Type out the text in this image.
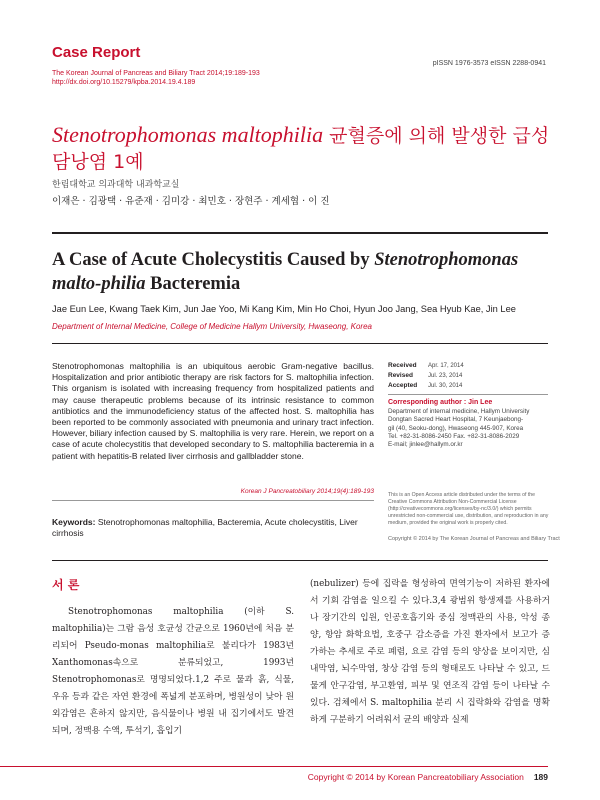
Case Report
The Korean Journal of Pancreas and Biliary Tract 2014;19:189-193
http://dx.doi.org/10.15279/kpba.2014.19.4.189
pISSN 1976-3573 eISSN 2288-0941
Stenotrophomonas maltophilia 균혈증에 의해 발생한 급성 담낭염 1예
한림대학교 의과대학 내과학교실
이재은 · 김광택 · 유준재 · 김미강 · 최민호 · 장현주 · 계세협 · 이 진
A Case of Acute Cholecystitis Caused by Stenotrophomonas malto-philia Bacteremia
Jae Eun Lee, Kwang Taek Kim, Jun Jae Yoo, Mi Kang Kim, Min Ho Choi, Hyun Joo Jang, Sea Hyub Kae, Jin Lee
Department of Internal Medicine, College of Medicine Hallym University, Hwaseong, Korea
Stenotrophomonas maltophilia is an ubiquitous aerobic Gram-negative bacillus. Hospitalization and prior antibiotic therapy are risk factors for S. maltophilia infection. This organism is isolated with increasing frequency from hospitalized patients and may cause therapeutic problems because of its intrinsic resistance to common antibiotics and the immunodeficiency status of the affected host. S. maltophilia has been reported to be commonly associated with pneumonia and urinary tract infection. However, biliary infection caused by S. maltophilia is very rare. Herein, we report on a case of acute cholecystitis that developed secondary to S. maltophilia bacteremia in a patient with hepatitis-B related liver cirrhosis and gallbladder stone.
Korean J Pancreatobiliary 2014;19(4):189-193
Keywords: Stenotrophomonas maltophilia, Bacteremia, Acute cholecystitis, Liver cirrhosis
Received	Apr. 17, 2014
Revised	Jul. 23, 2014
Accepted	Jul. 30, 2014
Corresponding author : Jin Lee
Department of internal medicine, Hallym University
Dongtan Sacred Heart Hospital, 7 Keunjaebong-
gil (40, Seoku-dong), Hwaseong 445-907, Korea
Tel. +82-31-8086-2450 Fax. +82-31-8086-2029
E-mail; jinlee@hallym.or.kr
This is an Open Access article distributed under the terms of the Creative Commons Attribution Non-Commercial License (http://creativecommons.org/licenses/by-nc/3.0/) which permits unrestricted non-commercial use, distribution, and reproduction in any medium, provided the original work is properly cited.
Copyright © 2014 by The Korean Journal of Pancreas and Biliary Tract
서 론
Stenotrophomonas maltophilia (이하 S. maltophilia)는 그람 음성 호균성 간균으로 1960년에 처음 분리되어 Pseudo-monas maltophilia로 불리다가 1983년 Xanthomonas속으로 분류되었고, 1993년 Stenotrophomonas로 명명되었다.1,2 주로 물과 흙, 식물, 우유 등과 같은 자연 환경에 폭넓게 분포하며, 병원성이 낮아 원외감염은 흔하지 않지만, 음식물이나 병원 내 집기에서도 발견되며, 정맥용 수액, 투석기, 흡입기
(nebulizer) 등에 집락을 형성하여 면역기능이 저하된 환자에서 기회 감염을 일으킬 수 있다.3,4 광범위 항생제를 사용하거나 장기간의 입원, 인공호흡기와 중심 정맥관의 사용, 악성 종양, 항암 화학요법, 호중구 감소증을 가진 환자에서 보고가 증가하는 추세로 주로 폐렴, 요로 감염 등의 양상을 보이지만, 심내막염, 뇌수막염, 창상 감염 등의 형태로도 나타날 수 있고, 드물게 안구감염, 부고환염, 피부 및 연조직 감염 등이 나타날 수 있다. 검체에서 S. maltophilia 분리 시 집락화와 감염을 명확하게 구분하기 어려워서 균의 배양과 실제
Copyright © 2014 by Korean Pancreatobiliary Association 189
